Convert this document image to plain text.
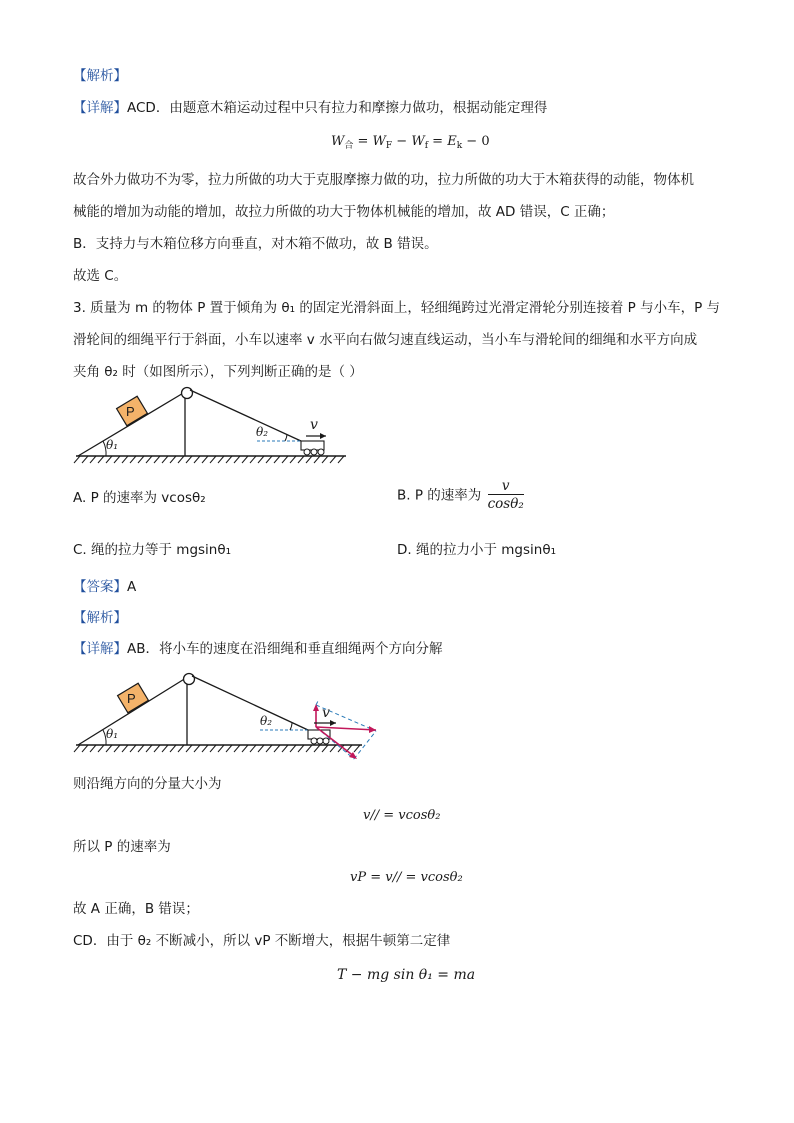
【解析】
【详解】ACD．由题意木箱运动过程中只有拉力和摩擦力做功，根据动能定理得
$W_合 = W_F - W_f = E_k - 0$
故合外力做功不为零，拉力所做的功大于克服摩擦力做的功，拉力所做的功大于木箱获得的动能，物体机
械能的增加为动能的增加，故拉力所做的功大于物体机械能的增加，故 AD 错误，C 正确；
B．支持力与木箱位移方向垂直，对木箱不做功，故 B 错误。
故选 C。
3. 质量为 m 的物体 P 置于倾角为 θ₁ 的固定光滑斜面上，轻细绳跨过光滑定滑轮分别连接着 P 与小车，P 与
滑轮间的细绳平行于斜面，小车以速率 v 水平向右做匀速直线运动，当小车与滑轮间的细绳和水平方向成
夹角 θ₂ 时（如图所示），下列判断正确的是（ ）
P
v
θ₁
θ₂
A. P 的速率为 vcosθ₂	B. P 的速率为 $\frac{v}{\text{cosθ₂}}$
C. 绳的拉力等于 mgsinθ₁	D. 绳的拉力小于 mgsinθ₁
【答案】A
【解析】
【详解】AB．将小车的速度在沿细绳和垂直细绳两个方向分解
P
v
θ₁
θ₂
则沿绳方向的分量大小为
v// = vcosθ₂
所以 P 的速率为
vP = v// = vcosθ₂
故 A 正确，B 错误；
CD．由于 θ₂ 不断减小，所以 vP 不断增大，根据牛顿第二定律
T − mg sin θ₁ = ma
